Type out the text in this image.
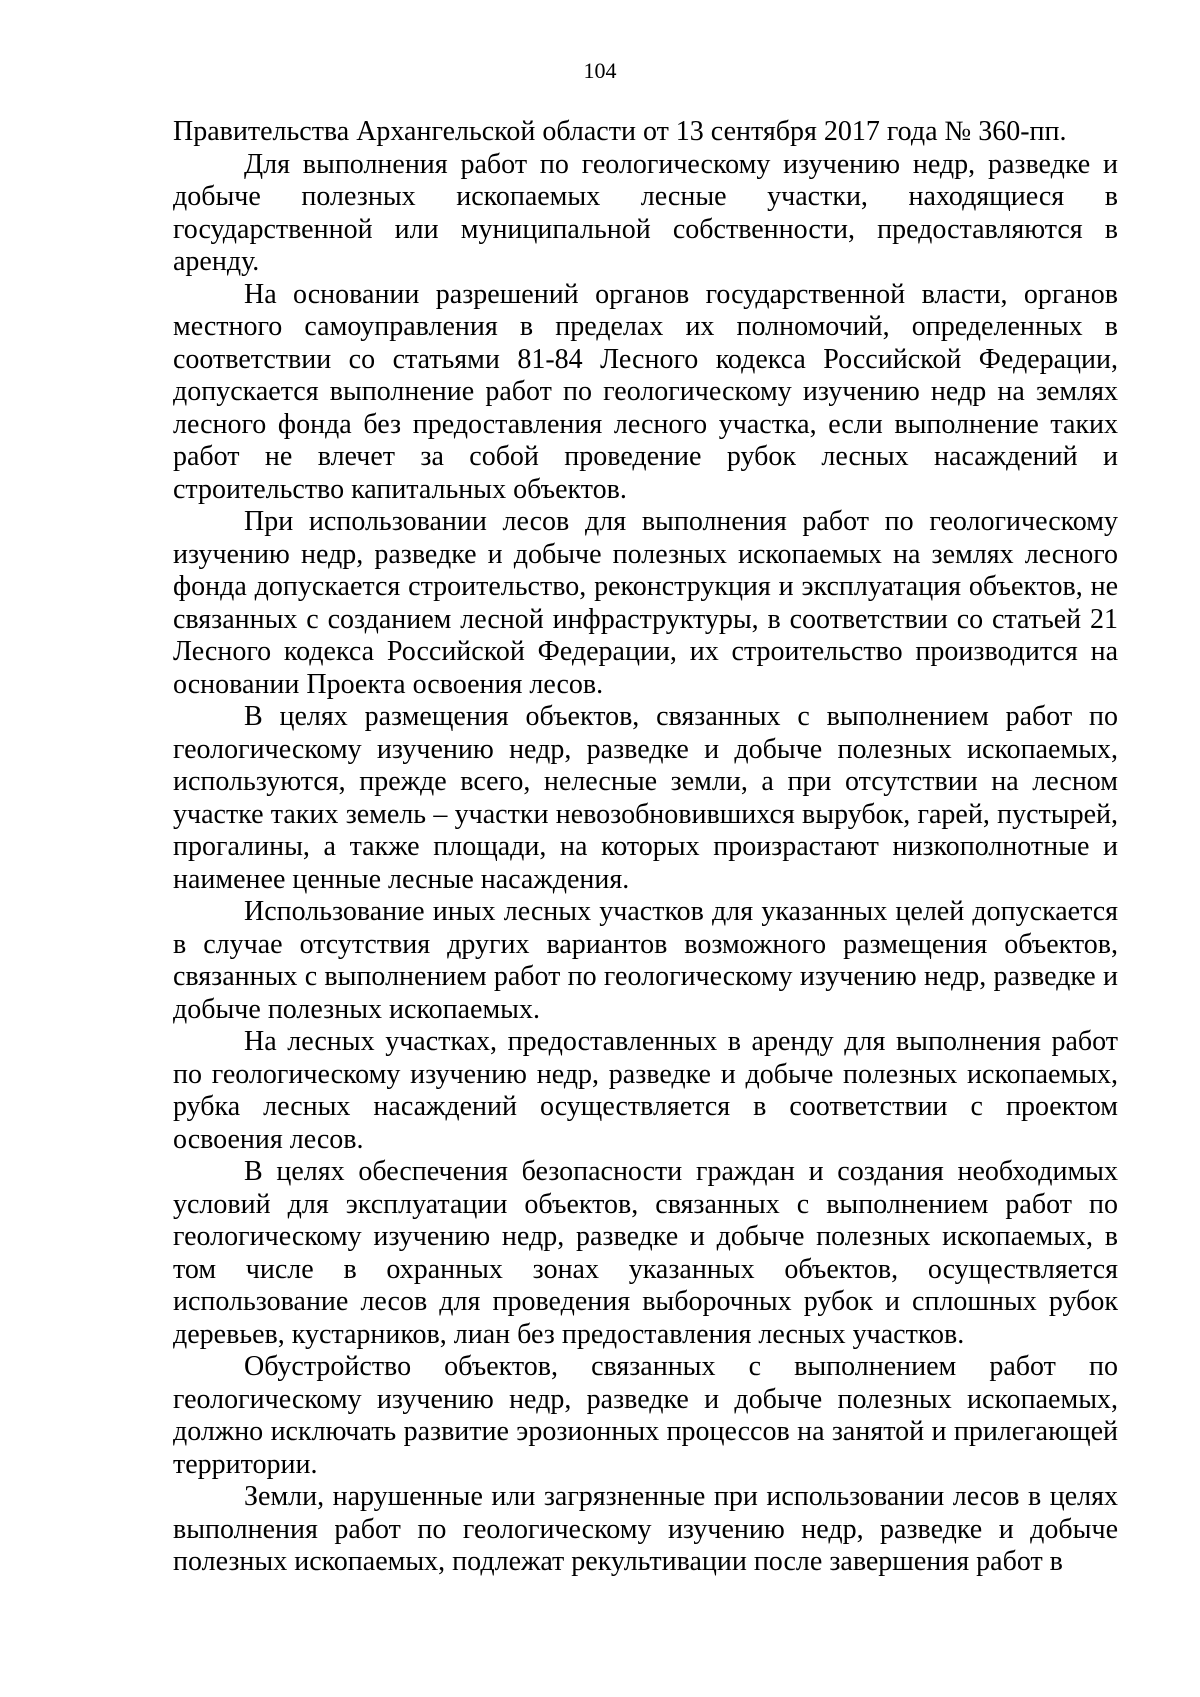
104

Правительства Архангельской области от 13 сентября 2017 года № 360-пп.

Для выполнения работ по геологическому изучению недр, разведке и добыче полезных ископаемых лесные участки, находящиеся в государственной или муниципальной собственности, предоставляются в аренду.

На основании разрешений органов государственной власти, органов местного самоуправления в пределах их полномочий, определенных в соответствии со статьями 81-84 Лесного кодекса Российской Федерации, допускается выполнение работ по геологическому изучению недр на землях лесного фонда без предоставления лесного участка, если выполнение таких работ не влечет за собой проведение рубок лесных насаждений и строительство капитальных объектов.

При использовании лесов для выполнения работ по геологическому изучению недр, разведке и добыче полезных ископаемых на землях лесного фонда допускается строительство, реконструкция и эксплуатация объектов, не связанных с созданием лесной инфраструктуры, в соответствии со статьей 21 Лесного кодекса Российской Федерации, их строительство производится на основании Проекта освоения лесов.

В целях размещения объектов, связанных с выполнением работ по геологическому изучению недр, разведке и добыче полезных ископаемых, используются, прежде всего, нелесные земли, а при отсутствии на лесном участке таких земель – участки невозобновившихся вырубок, гарей, пустырей, прогалины, а также площади, на которых произрастают низкополнотные и наименее ценные лесные насаждения.

Использование иных лесных участков для указанных целей допускается в случае отсутствия других вариантов возможного размещения объектов, связанных с выполнением работ по геологическому изучению недр, разведке и добыче полезных ископаемых.

На лесных участках, предоставленных в аренду для выполнения работ по геологическому изучению недр, разведке и добыче полезных ископаемых, рубка лесных насаждений осуществляется в соответствии с проектом освоения лесов.

В целях обеспечения безопасности граждан и создания необходимых условий для эксплуатации объектов, связанных с выполнением работ по геологическому изучению недр, разведке и добыче полезных ископаемых, в том числе в охранных зонах указанных объектов, осуществляется использование лесов для проведения выборочных рубок и сплошных рубок деревьев, кустарников, лиан без предоставления лесных участков.

Обустройство объектов, связанных с выполнением работ по геологическому изучению недр, разведке и добыче полезных ископаемых, должно исключать развитие эрозионных процессов на занятой и прилегающей территории.

Земли, нарушенные или загрязненные при использовании лесов в целях выполнения работ по геологическому изучению недр, разведке и добыче полезных ископаемых, подлежат рекультивации после завершения работ в
